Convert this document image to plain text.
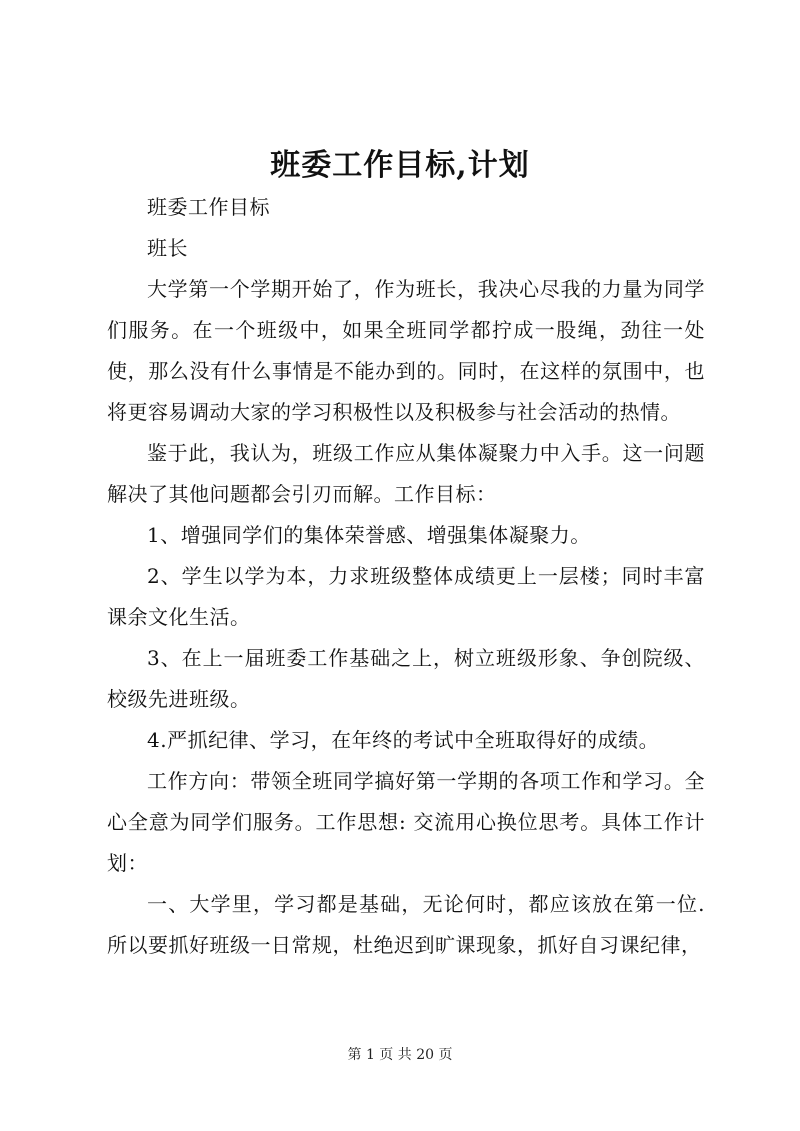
班委工作目标,计划

班委工作目标

班长

大学第一个学期开始了，作为班长，我决心尽我的力量为同学们服务。在一个班级中，如果全班同学都拧成一股绳，劲往一处使，那么没有什么事情是不能办到的。同时，在这样的氛围中，也将更容易调动大家的学习积极性以及积极参与社会活动的热情。

鉴于此，我认为，班级工作应从集体凝聚力中入手。这一问题解决了其他问题都会引刃而解。工作目标：

1、增强同学们的集体荣誉感、增强集体凝聚力。

2、学生以学为本，力求班级整体成绩更上一层楼；同时丰富课余文化生活。

3、在上一届班委工作基础之上，树立班级形象、争创院级、校级先进班级。

4.严抓纪律、学习，在年终的考试中全班取得好的成绩。

工作方向：带领全班同学搞好第一学期的各项工作和学习。全心全意为同学们服务。工作思想: 交流用心换位思考。具体工作计划：

一、大学里，学习都是基础，无论何时，都应该放在第一位.所以要抓好班级一日常规，杜绝迟到旷课现象，抓好自习课纪律，

第 1 页 共 20 页
